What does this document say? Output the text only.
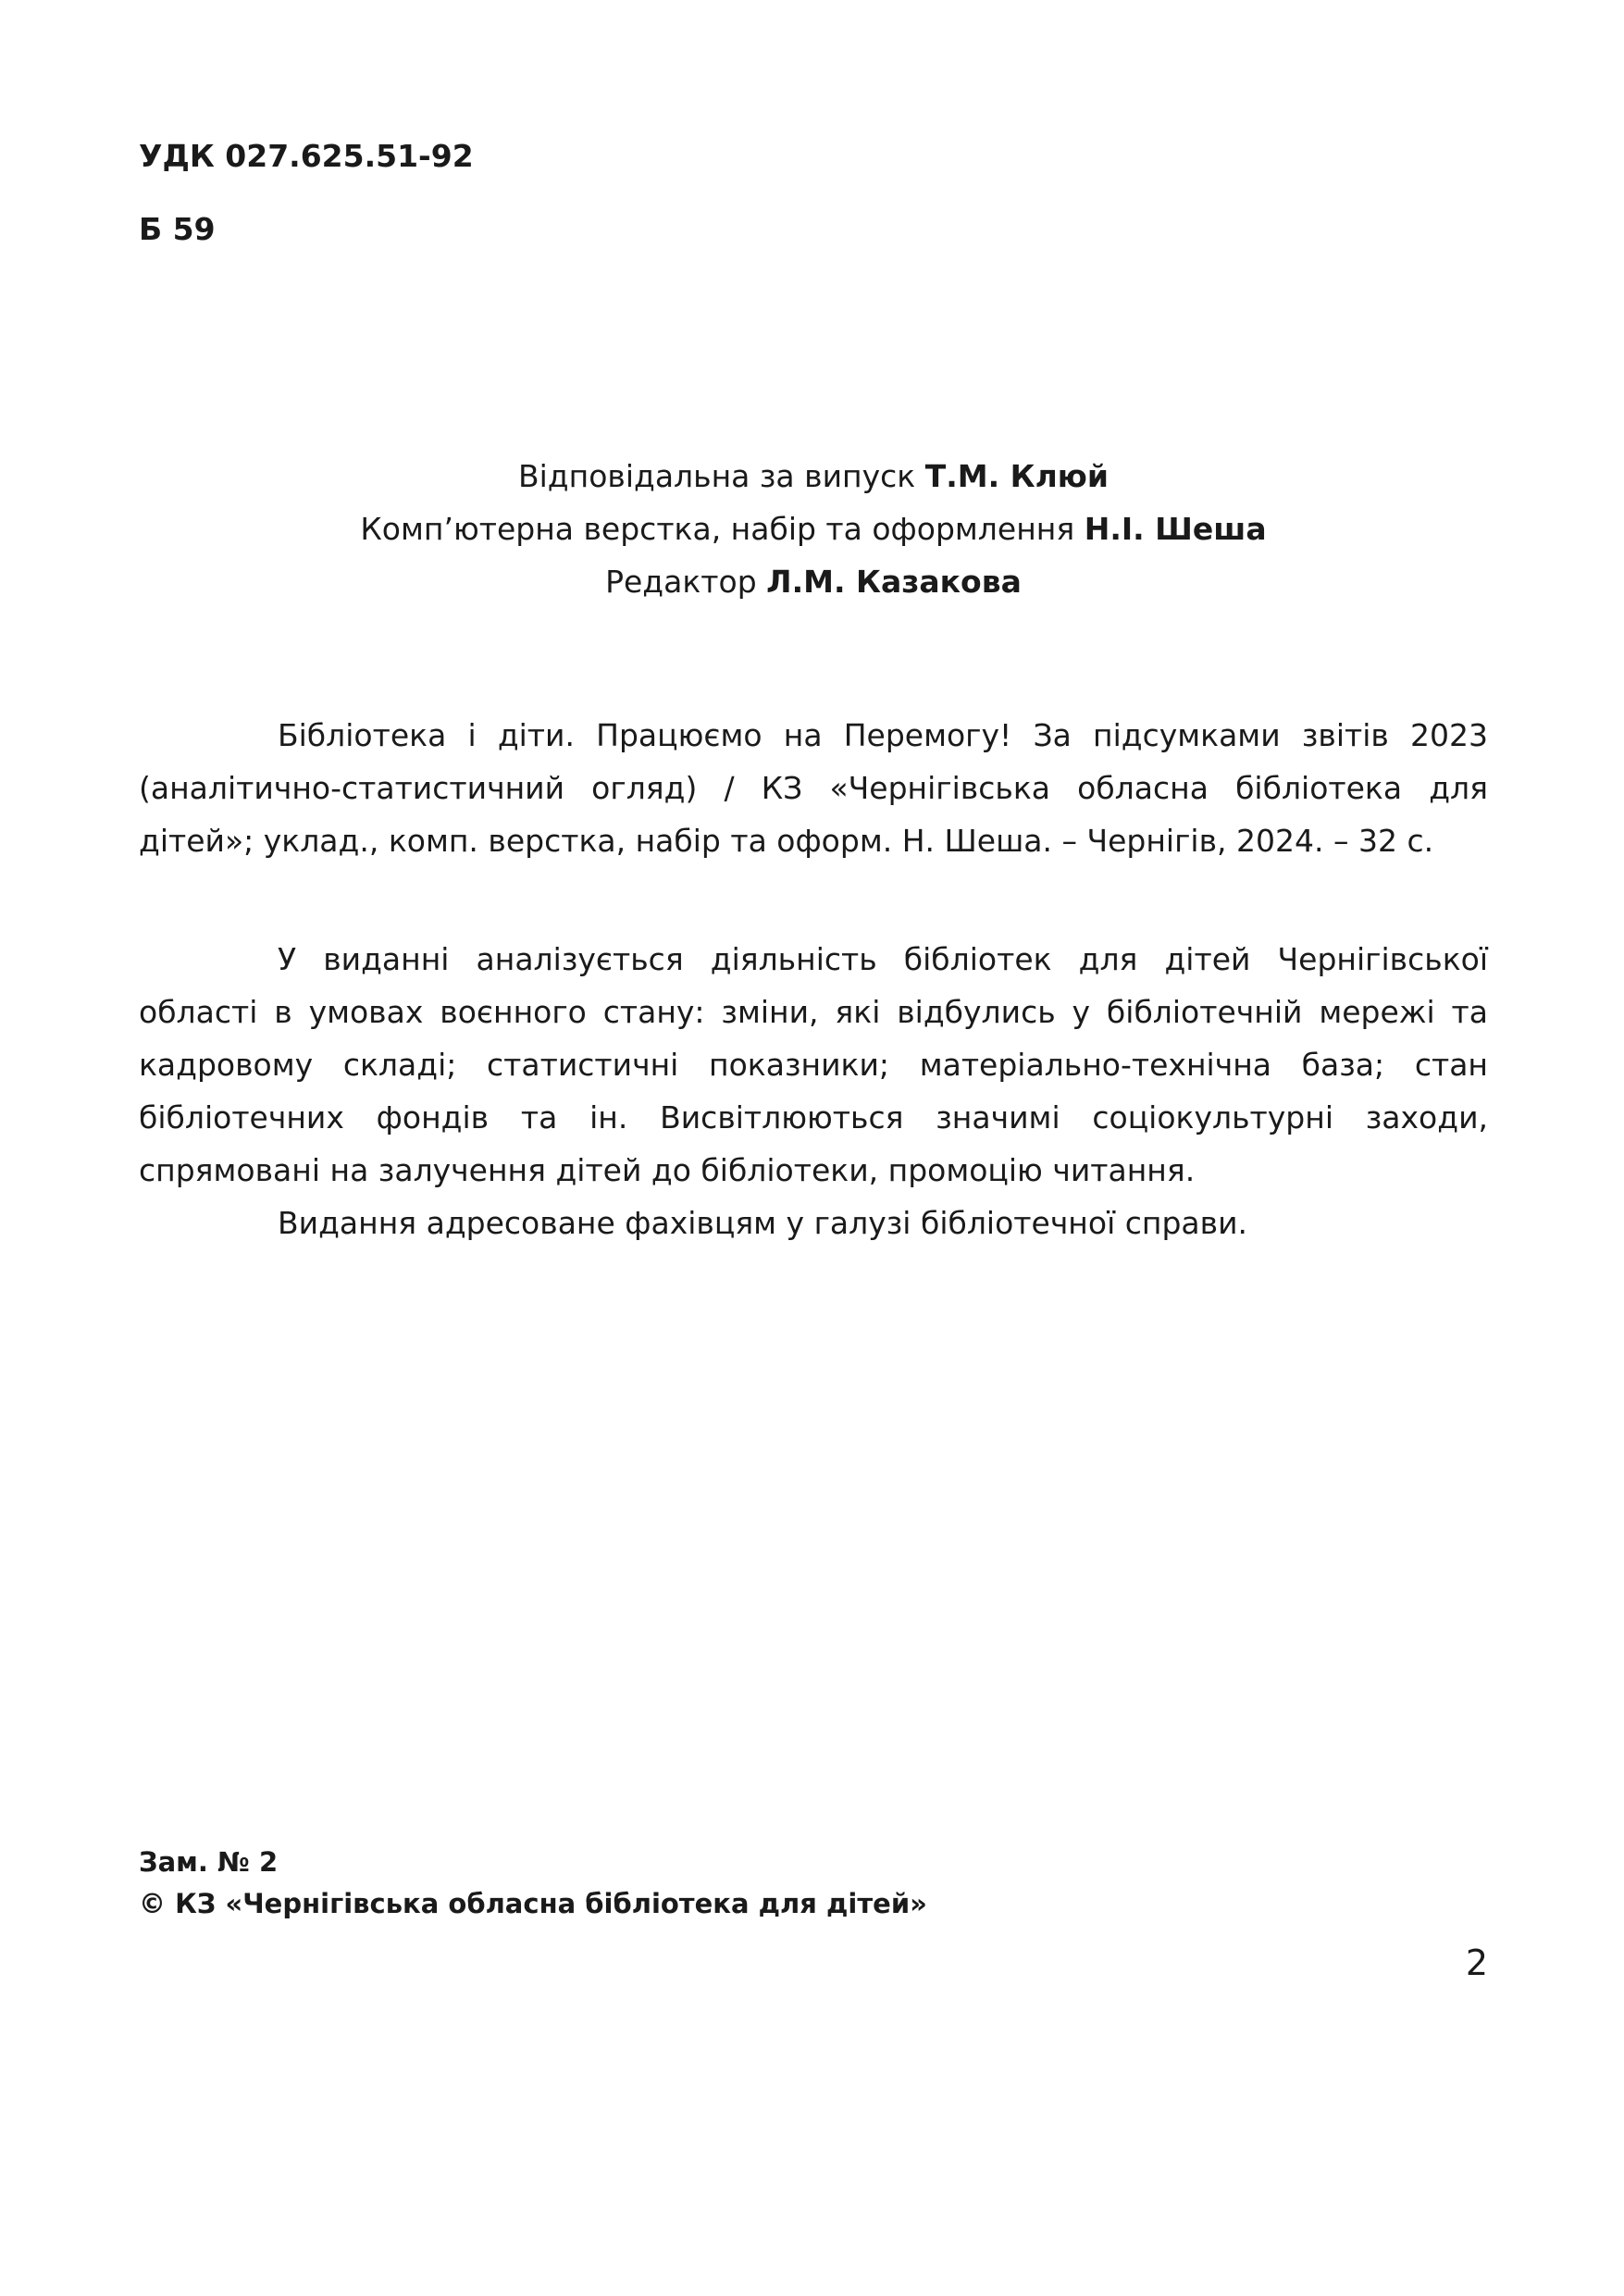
УДК 027.625.51-92
Б 59
Відповідальна за випуск Т.М. Клюй
Комп’ютерна верстка, набір та оформлення Н.І. Шеша
Редактор Л.М. Казакова

Бібліотека і діти. Працюємо на Перемогу! За підсумками звітів 2023 (аналітично-статистичний огляд) / КЗ «Чернігівська обласна бібліотека для дітей»; уклад., комп. верстка, набір та оформ. Н. Шеша. – Чернігів, 2024. – 32 с.

У виданні аналізується діяльність бібліотек для дітей Чернігівської області в умовах воєнного стану: зміни, які відбулись у бібліотечній мережі та кадровому складі; статистичні показники; матеріально-технічна база; стан бібліотечних фондів та ін. Висвітлюються значимі соціокультурні заходи, спрямовані на залучення дітей до бібліотеки, промоцію читання.

Видання адресоване фахівцям у галузі бібліотечної справи.

Зам. № 2
© КЗ «Чернігівська обласна бібліотека для дітей»
2
